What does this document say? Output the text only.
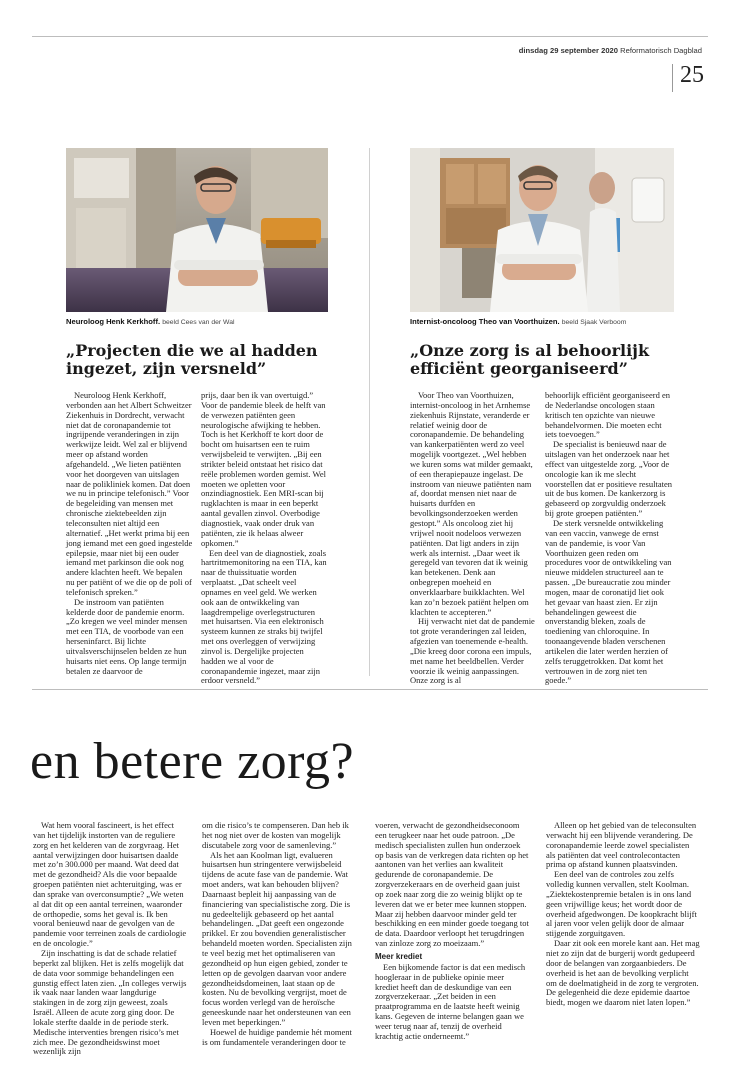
dinsdag 29 september 2020 Reformatorisch Dagblad
25
Neuroloog Henk Kerkhoff. beeld Cees van der Wal	Internist-oncoloog Theo van Voorthuizen. beeld Sjaak Verboom
„Projecten die we al hadden ingezet, zijn versneld”
„Onze zorg is al behoorlijk efficiënt georganiseerd”

Neuroloog Henk Kerkhoff, verbonden aan het Albert Schweitzer Ziekenhuis in Dordrecht, verwacht niet dat de coronapandemie tot ingrijpende veranderingen in zijn werkwijze leidt. Wel zal er blijvend meer op afstand worden afgehandeld. „We lieten patiënten voor het doorgeven van uitslagen naar de polikliniek komen. Dat doen we nu in principe telefonisch.” Voor de begeleiding van mensen met chronische ziektebeelden zijn teleconsulten niet altijd een alternatief. „Het werkt prima bij een jong iemand met een goed ingestelde epilepsie, maar niet bij een ouder iemand met parkinson die ook nog andere klachten heeft. We bepalen nu per patiënt of we die op de poli of telefonisch spreken.”

De instroom van patiënten kelderde door de pandemie enorm. „Zo kregen we veel minder mensen met een TIA, de voorbode van een herseninfarct. Bij lichte uitvalsverschijnselen belden ze hun huisarts niet eens. Op lange termijn betalen ze daarvoor de

prijs, daar ben ik van overtuigd.” Voor de pandemie bleek de helft van de verwezen patiënten geen neurologische afwijking te hebben. Toch is het Kerkhoff te kort door de bocht om huisartsen een te ruim verwijsbeleid te verwijten. „Bij een strikter beleid ontstaat het risico dat reële problemen worden gemist. Wel moeten we opletten voor onzindiagnostiek. Een MRI-scan bij rugklachten is maar in een beperkt aantal gevallen zinvol. Overbodige diagnostiek, vaak onder druk van patiënten, zie ik helaas alweer opkomen.”

Een deel van de diagnostiek, zoals hartritmemonitoring na een TIA, kan naar de thuissituatie worden verplaatst. „Dat scheelt veel opnames en veel geld. We werken ook aan de ontwikkeling van laagdrempelige overlegstructuren met huisartsen. Via een elektronisch systeem kunnen ze straks bij twijfel met ons overleggen of verwijzing zinvol is. Dergelijke projecten hadden we al voor de coronapandemie ingezet, maar zijn erdoor versneld.”

Voor Theo van Voorthuizen, internist-oncoloog in het Arnhemse ziekenhuis Rijnstate, veranderde er relatief weinig door de coronapandemie. De behandeling van kankerpatiënten werd zo veel mogelijk voortgezet. „Wel hebben we kuren soms wat milder gemaakt, of een therapiepauze ingelast. De instroom van nieuwe patiënten nam af, doordat mensen niet naar de huisarts durfden en bevolkingsonderzoeken werden gestopt.” Als oncoloog ziet hij vrijwel nooit nodeloos verwezen patiënten. Dat ligt anders in zijn werk als internist. „Daar weet ik geregeld van tevoren dat ik weinig kan betekenen. Denk aan onbegrepen moeheid en onverklaarbare buikklachten. Wel kan zo’n bezoek patiënt helpen om klachten te accepteren.”

Hij verwacht niet dat de pandemie tot grote veranderingen zal leiden, afgezien van toenemende e-health. „Die kreeg door corona een impuls, met name het beeldbellen. Verder voorzie ik weinig aanpassingen. Onze zorg is al

behoorlijk efficiënt georganiseerd en de Nederlandse oncologen staan kritisch ten opzichte van nieuwe behandelvormen. Die moeten echt iets toevoegen.”

De specialist is benieuwd naar de uitslagen van het onderzoek naar het effect van uitgestelde zorg. „Voor de oncologie kan ik me slecht voorstellen dat er positieve resultaten uit de bus komen. De kankerzorg is gebaseerd op zorgvuldig onderzoek bij grote groepen patiënten.”

De sterk versnelde ontwikkeling van een vaccin, vanwege de ernst van de pandemie, is voor Van Voorthuizen geen reden om procedures voor de ontwikkeling van nieuwe middelen structureel aan te passen. „De bureaucratie zou minder mogen, maar de coronatijd liet ook het gevaar van haast zien. Er zijn behandelingen geweest die onverstandig bleken, zoals de toediening van chloroquine. In toonaangevende bladen verschenen artikelen die later werden herzien of zelfs teruggetrokken. Dat komt het vertrouwen in de zorg niet ten goede.”

en betere zorg?

Wat hem vooral fascineert, is het effect van het tijdelijk instorten van de reguliere zorg en het kelderen van de zorgvraag. Het aantal verwijzingen door huisartsen daalde met zo’n 300.000 per maand. Wat deed dat met de gezondheid? Als die voor bepaalde groepen patiënten niet achteruitging, was er dan sprake van overconsumptie? „We weten al dat dit op een aantal terreinen, waaronder de orthopedie, soms het geval is. Ik ben vooral benieuwd naar de gevolgen van de pandemie voor terreinen zoals de cardiologie en de oncologie.”

Zijn inschatting is dat de schade relatief beperkt zal blijken. Het is zelfs mogelijk dat de data voor sommige behandelingen een gunstig effect laten zien. „In colleges verwijs ik vaak naar landen waar langdurige stakingen in de zorg zijn geweest, zoals Israël. Alleen de acute zorg ging door. De lokale sterfte daalde in de periode sterk. Medische interventies brengen risico’s met zich mee. De gezondheidswinst moet wezenlijk zijn

om die risico’s te compenseren. Dan heb ik het nog niet over de kosten van mogelijk discutabele zorg voor de samenleving.”

Als het aan Koolman ligt, evalueren huisartsen hun stringentere verwijsbeleid tijdens de acute fase van de pandemie. Wat moet anders, wat kan behouden blijven? Daarnaast bepleit hij aanpassing van de financiering van specialistische zorg. Die is nu gedeeltelijk gebaseerd op het aantal behandelingen. „Dat geeft een ongezonde prikkel. Er zou bovendien generalistischer behandeld moeten worden. Specialisten zijn te veel bezig met het optimaliseren van gezondheid op hun eigen gebied, zonder te letten op de gevolgen daarvan voor andere gezondheidsdomeinen, laat staan op de kosten. Nu de bevolking vergrijst, moet de focus worden verlegd van de heroïsche geneeskunde naar het ondersteunen van een leven met beperkingen.”

Hoewel de huidige pandemie hét moment is om fundamentele veranderingen door te

voeren, verwacht de gezondheidseconoom een terugkeer naar het oude patroon. „De medisch specialisten zullen hun onderzoek op basis van de verkregen data richten op het aantonen van het verlies aan kwaliteit gedurende de coronapandemie. De zorgverzekeraars en de overheid gaan juist op zoek naar zorg die zo weinig blijkt op te leveren dat we er beter mee kunnen stoppen. Maar zij hebben daarvoor minder geld ter beschikking en een minder goede toegang tot de data. Daardoor verloopt het terugdringen van zinloze zorg zo moeizaam.”

Meer krediet

Een bijkomende factor is dat een medisch hoogleraar in de publieke opinie meer krediet heeft dan de deskundige van een zorgverzekeraar. „Zet beiden in een praatprogramma en de laatste heeft weinig kans. Gegeven de interne belangen gaan we weer terug naar af, tenzij de overheid krachtig actie onderneemt.”

Alleen op het gebied van de teleconsulten verwacht hij een blijvende verandering. De coronapandemie leerde zowel specialisten als patiënten dat veel controlecontacten prima op afstand kunnen plaatsvinden.

Een deel van de controles zou zelfs volledig kunnen vervallen, stelt Koolman. „Ziektekostenpremie betalen is in ons land geen vrijwillige keus; het wordt door de overheid afgedwongen. De koopkracht blijft al jaren voor velen gelijk door de almaar stijgende zorguitgaven.

Daar zit ook een morele kant aan. Het mag niet zo zijn dat de burgerij wordt gedupeerd door de belangen van zorgaanbieders. De overheid is het aan de bevolking verplicht om de doelmatigheid in de zorg te vergroten. De gelegenheid die deze epidemie daartoe biedt, mogen we daarom niet laten lopen.”
